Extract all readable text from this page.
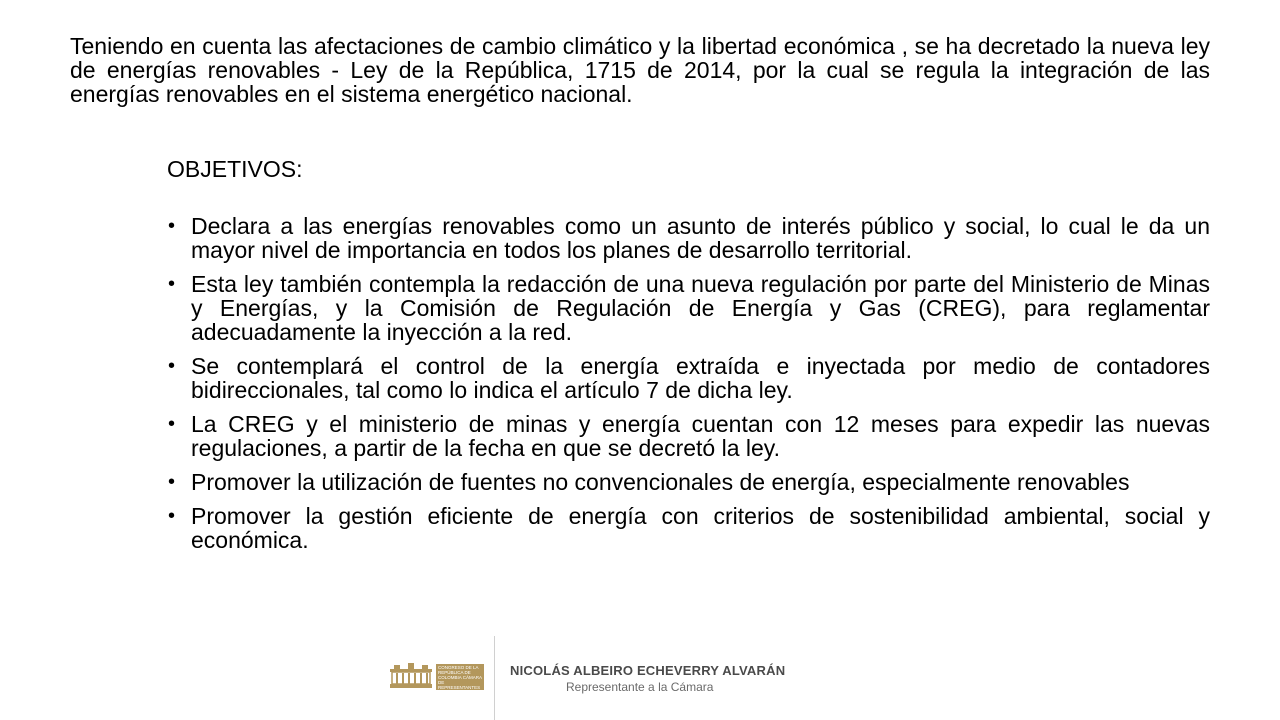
Teniendo en cuenta las afectaciones de cambio climático y la libertad económica , se ha decretado la nueva ley de energías renovables - Ley de la República, 1715 de 2014, por la cual se regula la integración de las energías renovables en el sistema energético nacional.

OBJETIVOS:
• Declara a las energías renovables como un asunto de interés público y social, lo cual le da un mayor nivel de importancia en todos los planes de desarrollo territorial.
• Esta ley también contempla la redacción de una nueva regulación por parte del Ministerio de Minas y Energías, y la Comisión de Regulación de Energía y Gas (CREG), para reglamentar adecuadamente la inyección a la red.
• Se contemplará el control de la energía extraída e inyectada por medio de contadores bidireccionales, tal como lo indica el artículo 7 de dicha ley.
• La CREG y el ministerio de minas y energía cuentan con 12 meses para expedir las nuevas regulaciones, a partir de la fecha en que se decretó la ley.
• Promover la utilización de fuentes no convencionales de energía, especialmente renovables
• Promover la gestión eficiente de energía con criterios de sostenibilidad ambiental, social y económica.
CONGRESO DE LA REPÚBLICA DE COLOMBIA CÁMARA DE REPRESENTANTES

NICOLÁS ALBEIRO ECHEVERRY ALVARÁN

Representante a la Cámara
